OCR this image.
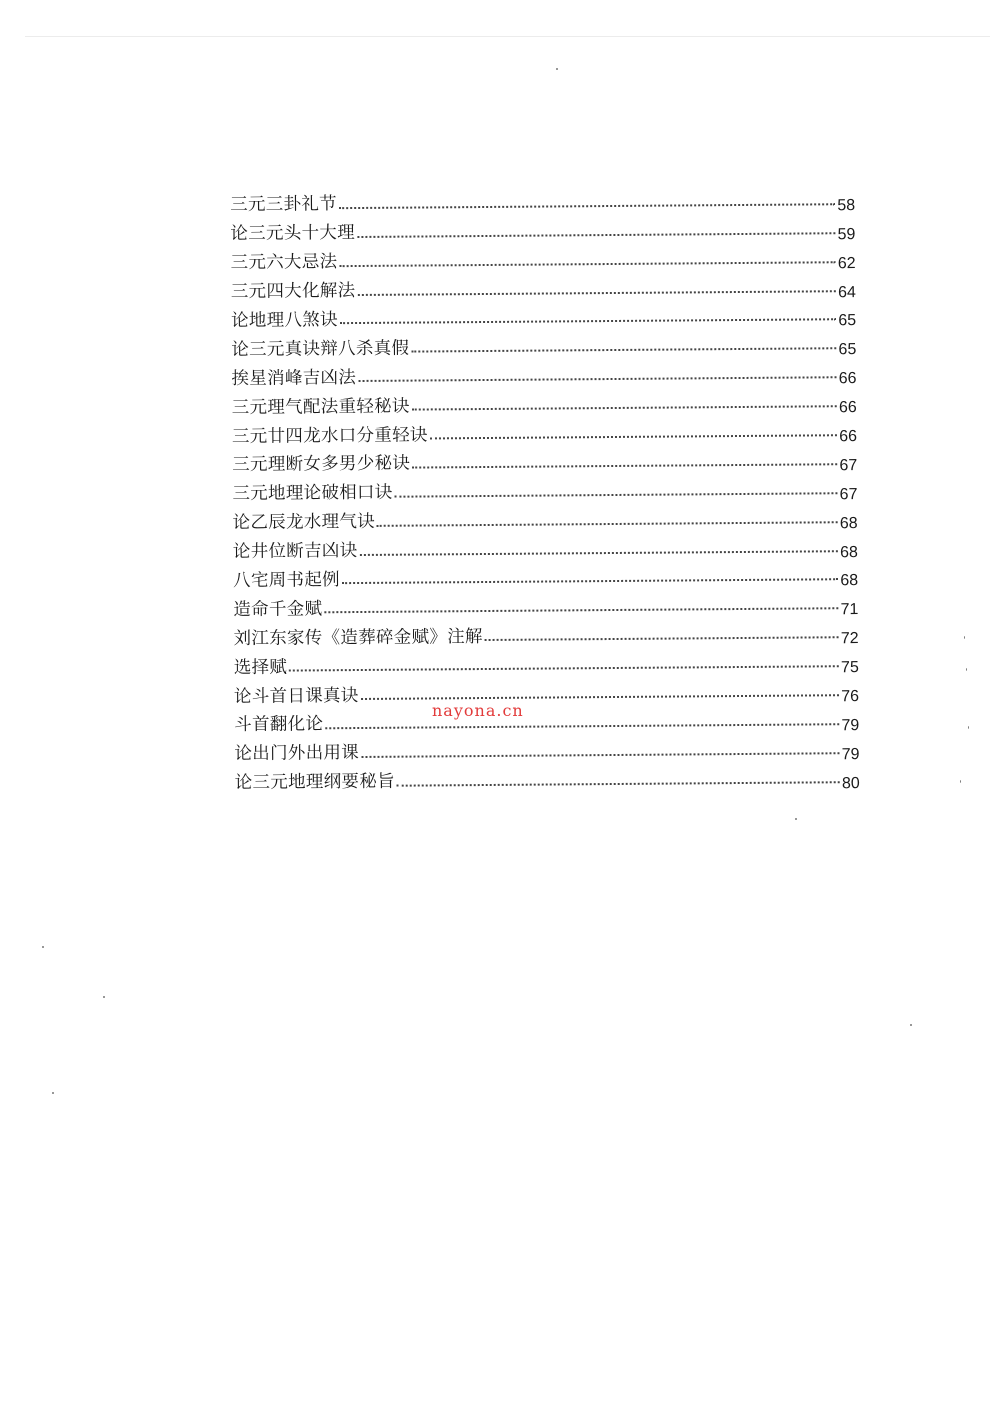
三元三卦礼节	58
论三元头十大理	59
三元六大忌法	62
三元四大化解法	64
论地理八煞诀	65
论三元真诀辩八杀真假	65
挨星消峰吉凶法	66
三元理气配法重轻秘诀	66
三元廿四龙水口分重轻诀	66
三元理断女多男少秘诀	67
三元地理论破相口诀	67
论乙辰龙水理气诀	68
论井位断吉凶诀	68
八宅周书起例	68
造命千金赋	71
刘江东家传《造葬碎金赋》注解	72
选择赋	75
论斗首日课真诀	76
斗首翻化论	79
论出门外出用课	79
论三元地理纲要秘旨	80
nayona.cn
